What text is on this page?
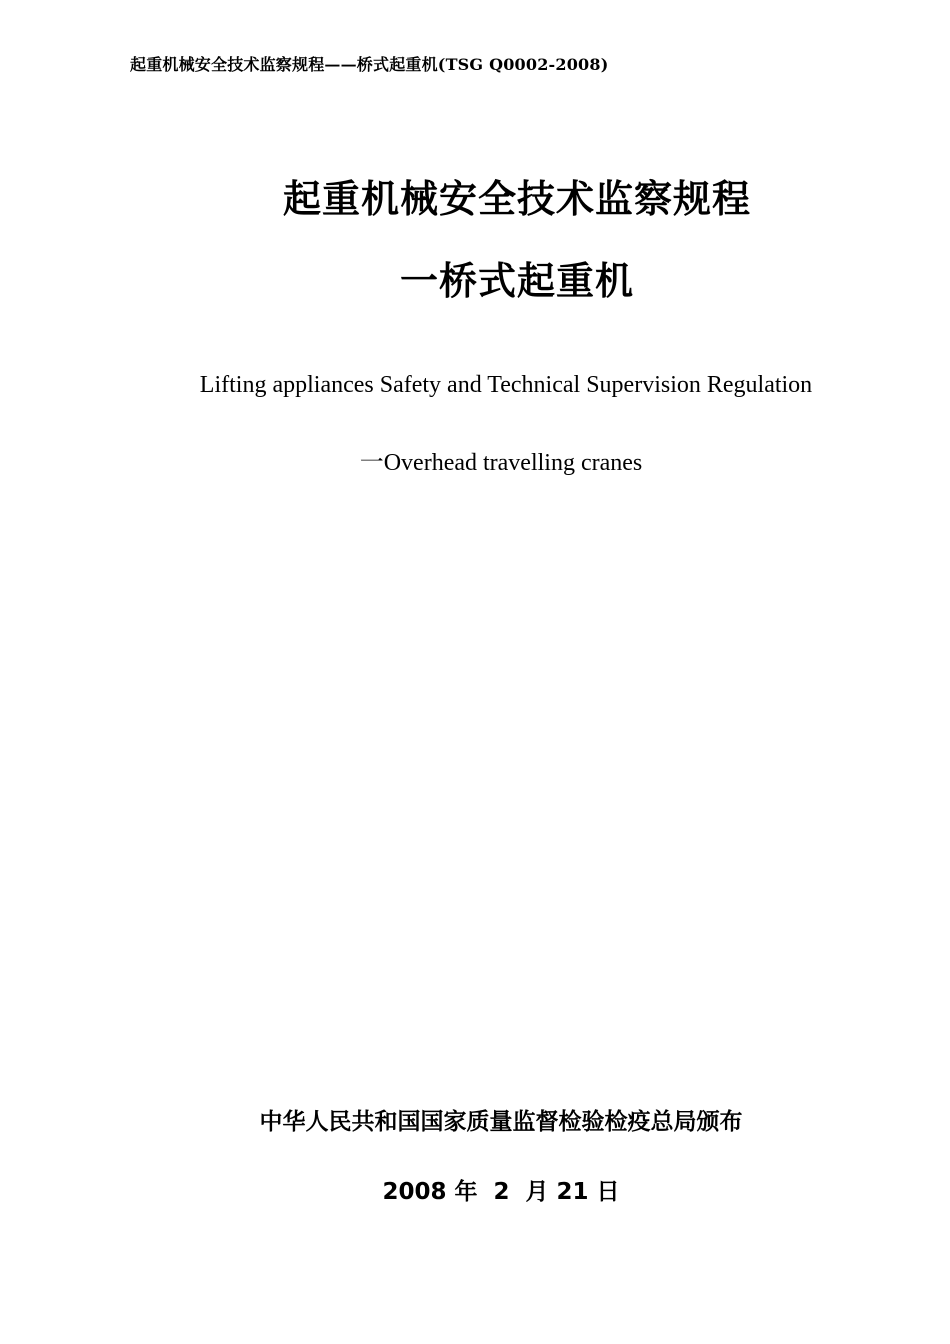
起重机械安全技术监察规程——桥式起重机(TSG Q0002-2008)
起重机械安全技术监察规程
一桥式起重机
Lifting appliances Safety and Technical Supervision Regulation
一Overhead travelling cranes
中华人民共和国国家质量监督检验检疫总局颁布
2008 年  2  月 21 日
